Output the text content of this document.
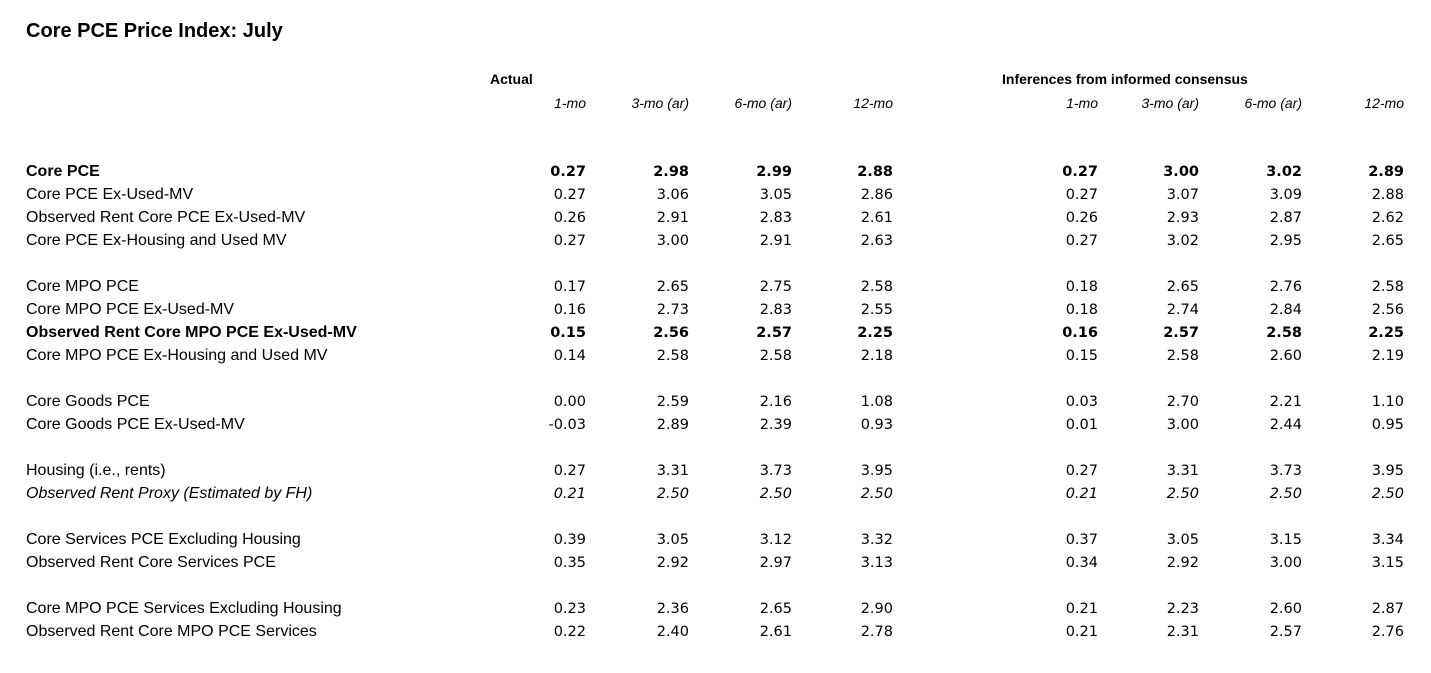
Core PCE Price Index: July
Actual	Inferences from informed consensus
1-mo	3-mo (ar)	6-mo (ar)	12-mo	1-mo	3-mo (ar)	6-mo (ar)	12-mo
Core PCE	0.27	2.98	2.99	2.88	0.27	3.00	3.02	2.89
Core PCE Ex-Used-MV	0.27	3.06	3.05	2.86	0.27	3.07	3.09	2.88
Observed Rent Core PCE Ex-Used-MV	0.26	2.91	2.83	2.61	0.26	2.93	2.87	2.62
Core PCE Ex-Housing and Used MV	0.27	3.00	2.91	2.63	0.27	3.02	2.95	2.65
Core MPO PCE	0.17	2.65	2.75	2.58	0.18	2.65	2.76	2.58
Core MPO PCE Ex-Used-MV	0.16	2.73	2.83	2.55	0.18	2.74	2.84	2.56
Observed Rent Core MPO PCE Ex-Used-MV	0.15	2.56	2.57	2.25	0.16	2.57	2.58	2.25
Core MPO PCE Ex-Housing and Used MV	0.14	2.58	2.58	2.18	0.15	2.58	2.60	2.19
Core Goods PCE	0.00	2.59	2.16	1.08	0.03	2.70	2.21	1.10
Core Goods PCE Ex-Used-MV	-0.03	2.89	2.39	0.93	0.01	3.00	2.44	0.95
Housing (i.e., rents)	0.27	3.31	3.73	3.95	0.27	3.31	3.73	3.95
Observed Rent Proxy (Estimated by FH)	0.21	2.50	2.50	2.50	0.21	2.50	2.50	2.50
Core Services PCE Excluding Housing	0.39	3.05	3.12	3.32	0.37	3.05	3.15	3.34
Observed Rent Core Services PCE	0.35	2.92	2.97	3.13	0.34	2.92	3.00	3.15
Core MPO PCE Services Excluding Housing	0.23	2.36	2.65	2.90	0.21	2.23	2.60	2.87
Observed Rent Core MPO PCE Services	0.22	2.40	2.61	2.78	0.21	2.31	2.57	2.76
